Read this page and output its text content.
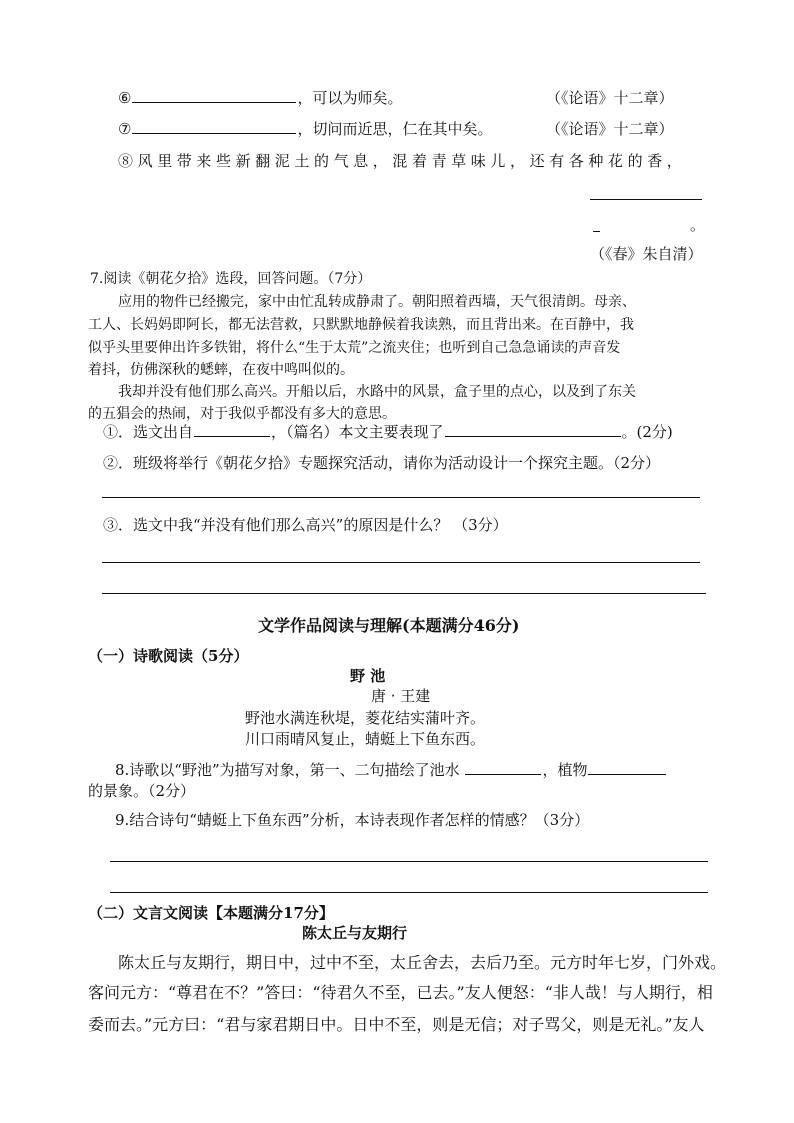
⑥	，可以为师矣。	（《论语》十二章）
⑦	，切问而近思，仁在其中矣。	（《论语》十二章）
⑧风里带来些新翻泥土的气息，混着青草味儿，还有各种花的香，
。
（《春》朱自清）
7.阅读《朝花夕拾》选段，回答问题。（7分）
应用的物件已经搬完，家中由忙乱转成静肃了。朝阳照着西墙，天气很清朗。母亲、
工人、长妈妈即阿长，都无法营救，只默默地静候着我读熟，而且背出来。在百静中，我
似乎头里要伸出许多铁钳，将什么“生于太荒”之流夹住；也听到自己急急诵读的声音发
着抖，仿佛深秋的蟋蟀，在夜中鸣叫似的。
我却并没有他们那么高兴。开船以后，水路中的风景，盒子里的点心，以及到了东关
的五猖会的热闹，对于我似乎都没有多大的意思。
①．选文出自	，（篇名）本文主要表现了	。(2分)
②．班级将举行《朝花夕拾》专题探究活动，请你为活动设计一个探究主题。（2分）
③．选文中我“并没有他们那么高兴”的原因是什么？ （3分）
文学作品阅读与理解(本题满分46分)
（一）诗歌阅读（5分）
野 池
唐 · 王建
野池水满连秋堤，菱花结实蒲叶齐。
川口雨晴风复止，蜻蜓上下鱼东西。
8.诗歌以“野池”为描写对象，第一、二句描绘了池水	，植物
的景象。（2分）
9.结合诗句“蜻蜓上下鱼东西”分析，本诗表现作者怎样的情感？（3分）
（二）文言文阅读【本题满分17分】
陈太丘与友期行
陈太丘与友期行，期日中，过中不至，太丘舍去，去后乃至。元方时年七岁，门外戏。
客问元方：“尊君在不？”答曰：“待君久不至，已去。”友人便怒：“非人哉！与人期行，相
委而去。”元方曰：“君与家君期日中。日中不至，则是无信；对子骂父，则是无礼。”友人
